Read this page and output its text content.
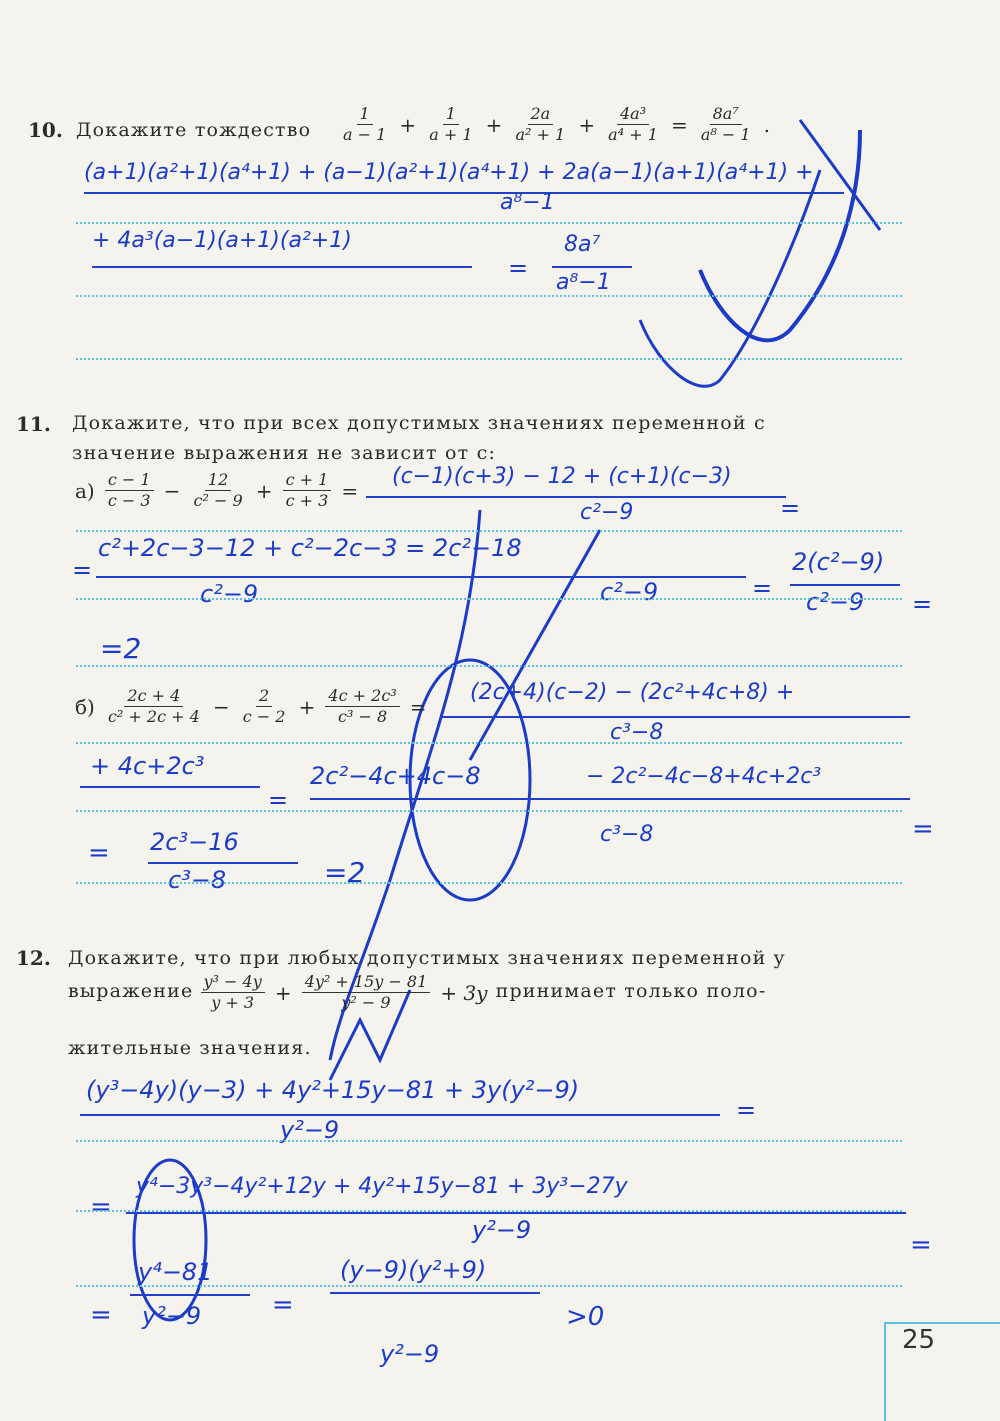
10. Докажите тождество $\frac{1}{a - 1} + \frac{1}{a + 1} + \frac{2a}{\text{a² + 1}} + \frac{\text{4a³}}{\text{a⁴ + 1}} = \frac{\text{8a⁷}}{\text{a⁸ − 1}}$ .
(a+1)(a²+1)(a⁴+1) + (a−1)(a²+1)(a⁴+1) + 2a(a−1)(a+1)(a⁴+1) +
a⁸−1
+ 4a³(a−1)(a+1)(a²+1)
=
8a⁷
a⁸−1
11. Докажите, что при всех допустимых значениях переменной c
значение выражения не зависит от c:
$а) \frac{c - 1}{c - 3} - \frac{12}{\text{c² − 9}} + \frac{c + 1}{c + 3}$ =
(c−1)(c+3) − 12 + (c+1)(c−3)
c²−9	=
=
c²+2c−3−12 + c²−2c−3 = 2c²−18
c²−9	c²−9	=
2(c²−9)
c²−9 =
=2
$б) \frac{2c + 4}{\text{c² + 2c + 4}} - \frac{2}{c - 2} + \frac{\text{4c + 2c³}}{\text{c³ − 8}}$ =
(2c+4)(c−2) − (2c²+4c+8) +
c³−8
+ 4c+2c³
=
2c²−4c+4c−8	− 2c²−4c−8+4c+2c³
c³−8	=
= 2c³−16
c³−8	=2
12. Докажите, что при любых допустимых значениях переменной y
выражение $\frac{\text{y³ − 4y}}{y + 3} + \frac{\text{4y² + 15y − 81}}{\text{y² − 9}} + 3y$ принимает только поло-
жительные значения.
(y³−4y)(y−3) + 4y²+15y−81 + 3y(y²−9)
y²−9
=
=
y⁴−3y³−4y²+12y + 4y²+15y−81 + 3y³−27y
y²−9	=
=
y⁴−81
y²−9	=
(y−9)(y²+9)
y²−9
>0
25
